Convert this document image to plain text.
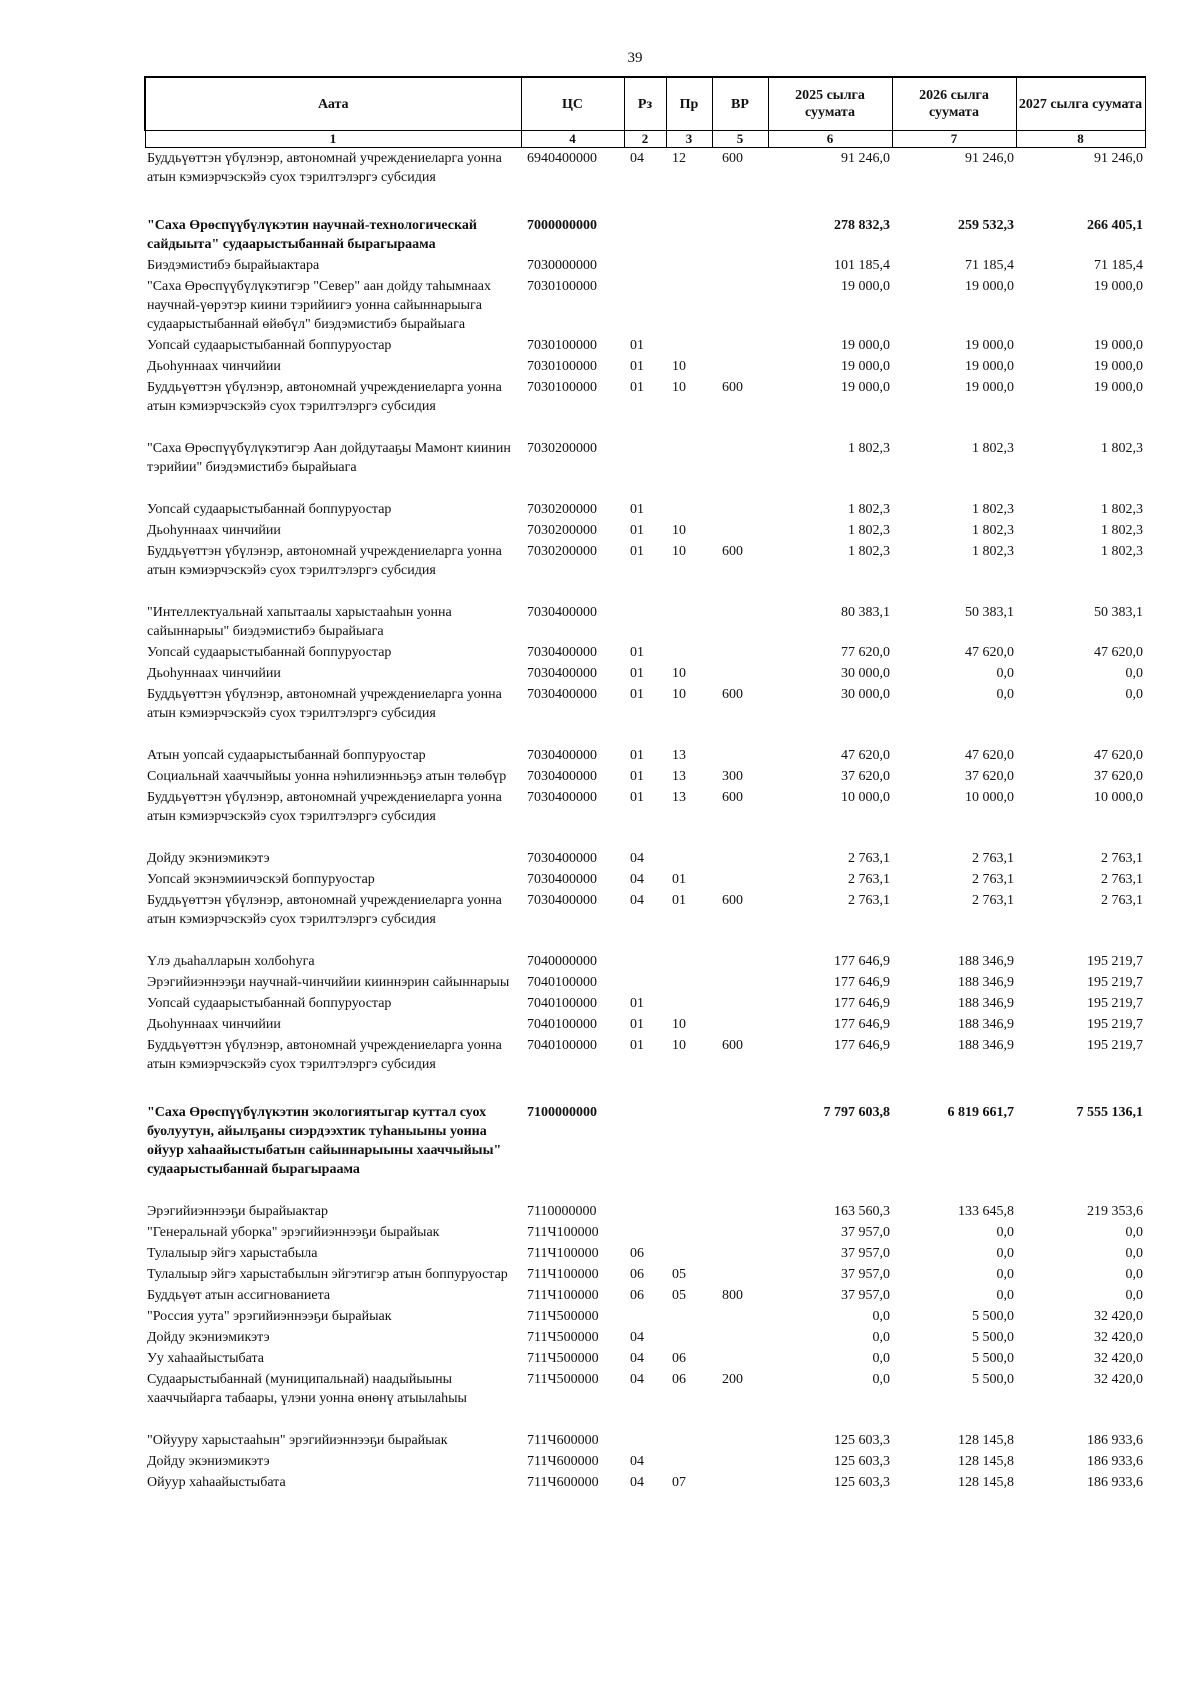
39
Аата	ЦС	Рз	Пр	ВР	2025 сылга суумата	2026 сылга суумата	2027 сылга суумата
1	4	2	3	5	6	7	8
Буддьүөттэн үбүлэнэр, автономнай учреждениеларга уонна атын кэмиэрчэскэйэ суох тэрилтэлэргэ субсидия	6940400000	04	12	600	91 246,0	91 246,0	91 246,0
"Саха Өрөспүүбүлүкэтин научнай-технологическай сайдыыта" судаарыстыбаннай бырагыраама	7000000000				278 832,3	259 532,3	266 405,1
Биэдэмистибэ бырайыактара	7030000000				101 185,4	71 185,4	71 185,4
"Саха Өрөспүүбүлүкэтигэр "Север" аан дойду таһымнаах научнай-үөрэтэр киини тэрийиигэ уонна сайыннарыыга судаарыстыбаннай өйөбүл" биэдэмистибэ бырайыага	7030100000				19 000,0	19 000,0	19 000,0
Уопсай судаарыстыбаннай боппуруостар	7030100000	01			19 000,0	19 000,0	19 000,0
Дьоһуннаах чинчийии	7030100000	01	10		19 000,0	19 000,0	19 000,0
Буддьүөттэн үбүлэнэр, автономнай учреждениеларга уонна атын кэмиэрчэскэйэ суох тэрилтэлэргэ субсидия	7030100000	01	10	600	19 000,0	19 000,0	19 000,0
"Саха Өрөспүүбүлүкэтигэр Аан дойдутааҕы Мамонт киинин тэрийии" биэдэмистибэ бырайыага	7030200000				1 802,3	1 802,3	1 802,3
Уопсай судаарыстыбаннай боппуруостар	7030200000	01			1 802,3	1 802,3	1 802,3
Дьоһуннаах чинчийии	7030200000	01	10		1 802,3	1 802,3	1 802,3
Буддьүөттэн үбүлэнэр, автономнай учреждениеларга уонна атын кэмиэрчэскэйэ суох тэрилтэлэргэ субсидия	7030200000	01	10	600	1 802,3	1 802,3	1 802,3
"Интеллектуальнай хапытаалы харыстааһын уонна сайыннарыы" биэдэмистибэ бырайыага	7030400000				80 383,1	50 383,1	50 383,1
Уопсай судаарыстыбаннай боппуруостар	7030400000	01			77 620,0	47 620,0	47 620,0
Дьоһуннаах чинчийии	7030400000	01	10		30 000,0	0,0	0,0
Буддьүөттэн үбүлэнэр, автономнай учреждениеларга уонна атын кэмиэрчэскэйэ суох тэрилтэлэргэ субсидия	7030400000	01	10	600	30 000,0	0,0	0,0
Атын уопсай судаарыстыбаннай боппуруостар	7030400000	01	13		47 620,0	47 620,0	47 620,0
Социальнай хааччыйыы уонна нэһилиэнньэҕэ атын төлөбүр	7030400000	01	13	300	37 620,0	37 620,0	37 620,0
Буддьүөттэн үбүлэнэр, автономнай учреждениеларга уонна атын кэмиэрчэскэйэ суох тэрилтэлэргэ субсидия	7030400000	01	13	600	10 000,0	10 000,0	10 000,0
Дойду экэниэмикэтэ	7030400000	04			2 763,1	2 763,1	2 763,1
Уопсай экэнэмиичэскэй боппуруостар	7030400000	04	01		2 763,1	2 763,1	2 763,1
Буддьүөттэн үбүлэнэр, автономнай учреждениеларга уонна атын кэмиэрчэскэйэ суох тэрилтэлэргэ субсидия	7030400000	04	01	600	2 763,1	2 763,1	2 763,1
Үлэ дьаһалларын холбоһуга	7040000000				177 646,9	188 346,9	195 219,7
Эрэгийиэннээҕи научнай-чинчийии кииннэрин сайыннарыы	7040100000				177 646,9	188 346,9	195 219,7
Уопсай судаарыстыбаннай боппуруостар	7040100000	01			177 646,9	188 346,9	195 219,7
Дьоһуннаах чинчийии	7040100000	01	10		177 646,9	188 346,9	195 219,7
Буддьүөттэн үбүлэнэр, автономнай учреждениеларга уонна атын кэмиэрчэскэйэ суох тэрилтэлэргэ субсидия	7040100000	01	10	600	177 646,9	188 346,9	195 219,7
"Саха Өрөспүүбүлүкэтин экологиятыгар куттал суох буолуутун, айылҕаны сиэрдээхтик туһаныыны уонна ойуур хаһаайыстыбатын сайыннарыыны хааччыйыы" судаарыстыбаннай бырагыраама	7100000000				7 797 603,8	6 819 661,7	7 555 136,1
Эрэгийиэннээҕи бырайыактар	7110000000				163 560,3	133 645,8	219 353,6
"Генеральнай уборка" эрэгийиэннээҕи бырайыак	711Ч100000				37 957,0	0,0	0,0
Тулалыыр эйгэ харыстабыла	711Ч100000	06			37 957,0	0,0	0,0
Тулалыыр эйгэ харыстабылын эйгэтигэр атын боппуруостар	711Ч100000	06	05		37 957,0	0,0	0,0
Буддьүөт атын ассигнованиета	711Ч100000	06	05	800	37 957,0	0,0	0,0
"Россия уута" эрэгийиэннээҕи бырайыак	711Ч500000				0,0	5 500,0	32 420,0
Дойду экэниэмикэтэ	711Ч500000	04			0,0	5 500,0	32 420,0
Уу хаһаайыстыбата	711Ч500000	04	06		0,0	5 500,0	32 420,0
Судаарыстыбаннай (муниципальнай) наадыйыыны хааччыйарга табаары, үлэни уонна өнөнү атыылаһыы	711Ч500000	04	06	200	0,0	5 500,0	32 420,0
"Ойууру харыстааһын" эрэгийиэннээҕи бырайыак	711Ч600000				125 603,3	128 145,8	186 933,6
Дойду экэниэмикэтэ	711Ч600000	04			125 603,3	128 145,8	186 933,6
Ойуур хаһаайыстыбата	711Ч600000	04	07		125 603,3	128 145,8	186 933,6
